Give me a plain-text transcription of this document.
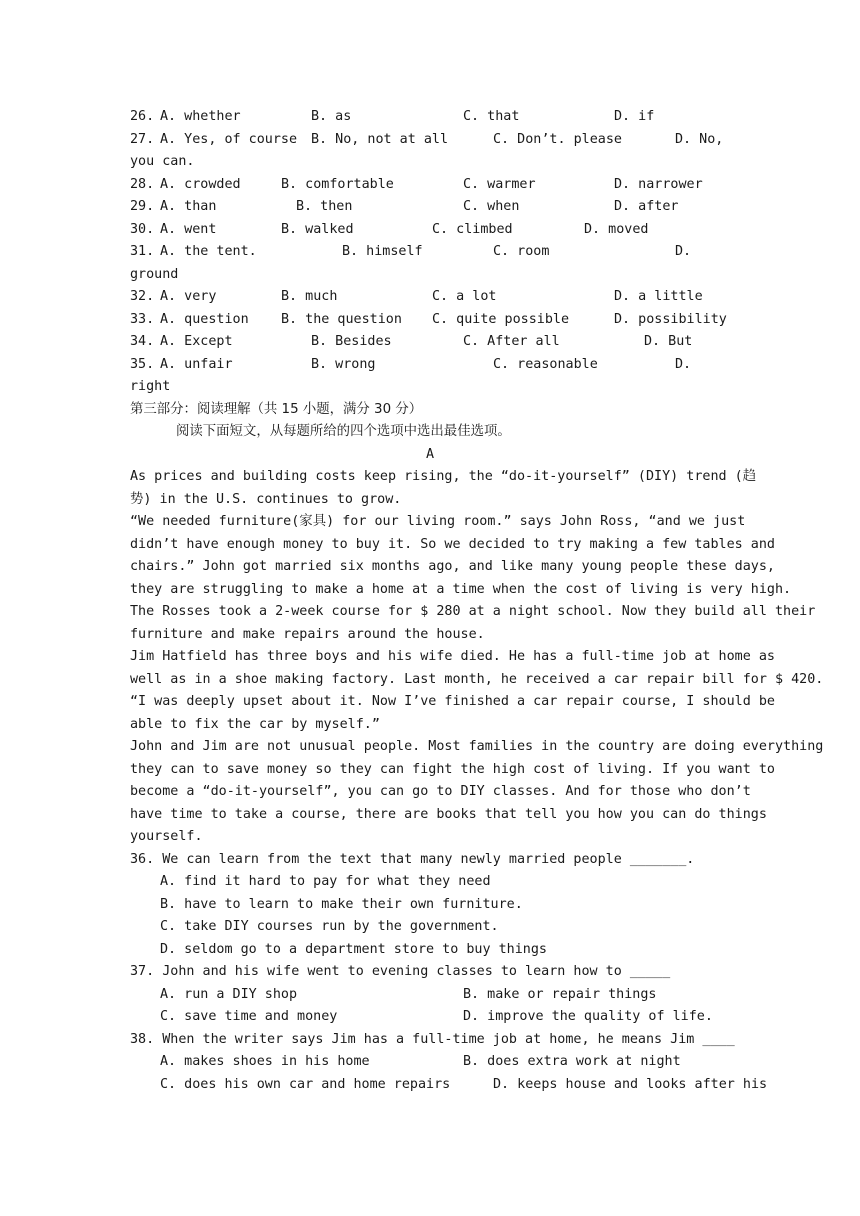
26. A. whether	B. as	C. that	D. if
27. A. Yes, of course B. No, not at all	C. Don’t. please	D. No,
you can.
28. A. crowded	B. comfortable	C. warmer	D. narrower
29. A. than	B. then	C. when	D. after
30. A. went	B. walked	C. climbed	D. moved
31. A. the tent.	B. himself	C. room	D.
ground
32. A. very	B. much	C. a lot	D. a little
33. A. question B. the question C. quite possible	D. possibility
34. A. Except	B. Besides	C. After all	D. But
35. A. unfair	B. wrong	C. reasonable	D.
right
第三部分：阅读理解（共 15 小题，满分 30 分）
阅读下面短文，从每题所给的四个选项中选出最佳选项。
A
As prices and building costs keep rising, the “do-it-yourself” (DIY) trend (趋
势) in the U.S. continues to grow.
“We needed furniture(家具) for our living room.” says John Ross, “and we just
didn’t have enough money to buy it. So we decided to try making a few tables and
chairs.” John got married six months ago, and like many young people these days,
they are struggling to make a home at a time when the cost of living is very high.
The Rosses took a 2-week course for $ 280 at a night school. Now they build all their
furniture and make repairs around the house.
Jim Hatfield has three boys and his wife died. He has a full-time job at home as
well as in a shoe making factory. Last month, he received a car repair bill for $ 420.
“I was deeply upset about it. Now I’ve finished a car repair course, I should be
able to fix the car by myself.”
John and Jim are not unusual people. Most families in the country are doing everything
they can to save money so they can fight the high cost of living. If you want to
become a “do-it-yourself”, you can go to DIY classes. And for those who don’t
have time to take a course, there are books that tell you how you can do things
yourself.
36. We can learn from the text that many newly married people _______.
A. find it hard to pay for what they need
B. have to learn to make their own furniture.
C. take DIY courses run by the government.
D. seldom go to a department store to buy things
37. John and his wife went to evening classes to learn how to _____
A. run a DIY shop	B. make or repair things
C. save time and money	D. improve the quality of life.
38. When the writer says Jim has a full-time job at home, he means Jim ____
A. makes shoes in his home	B. does extra work at night
C. does his own car and home repairs	D. keeps house and looks after his
